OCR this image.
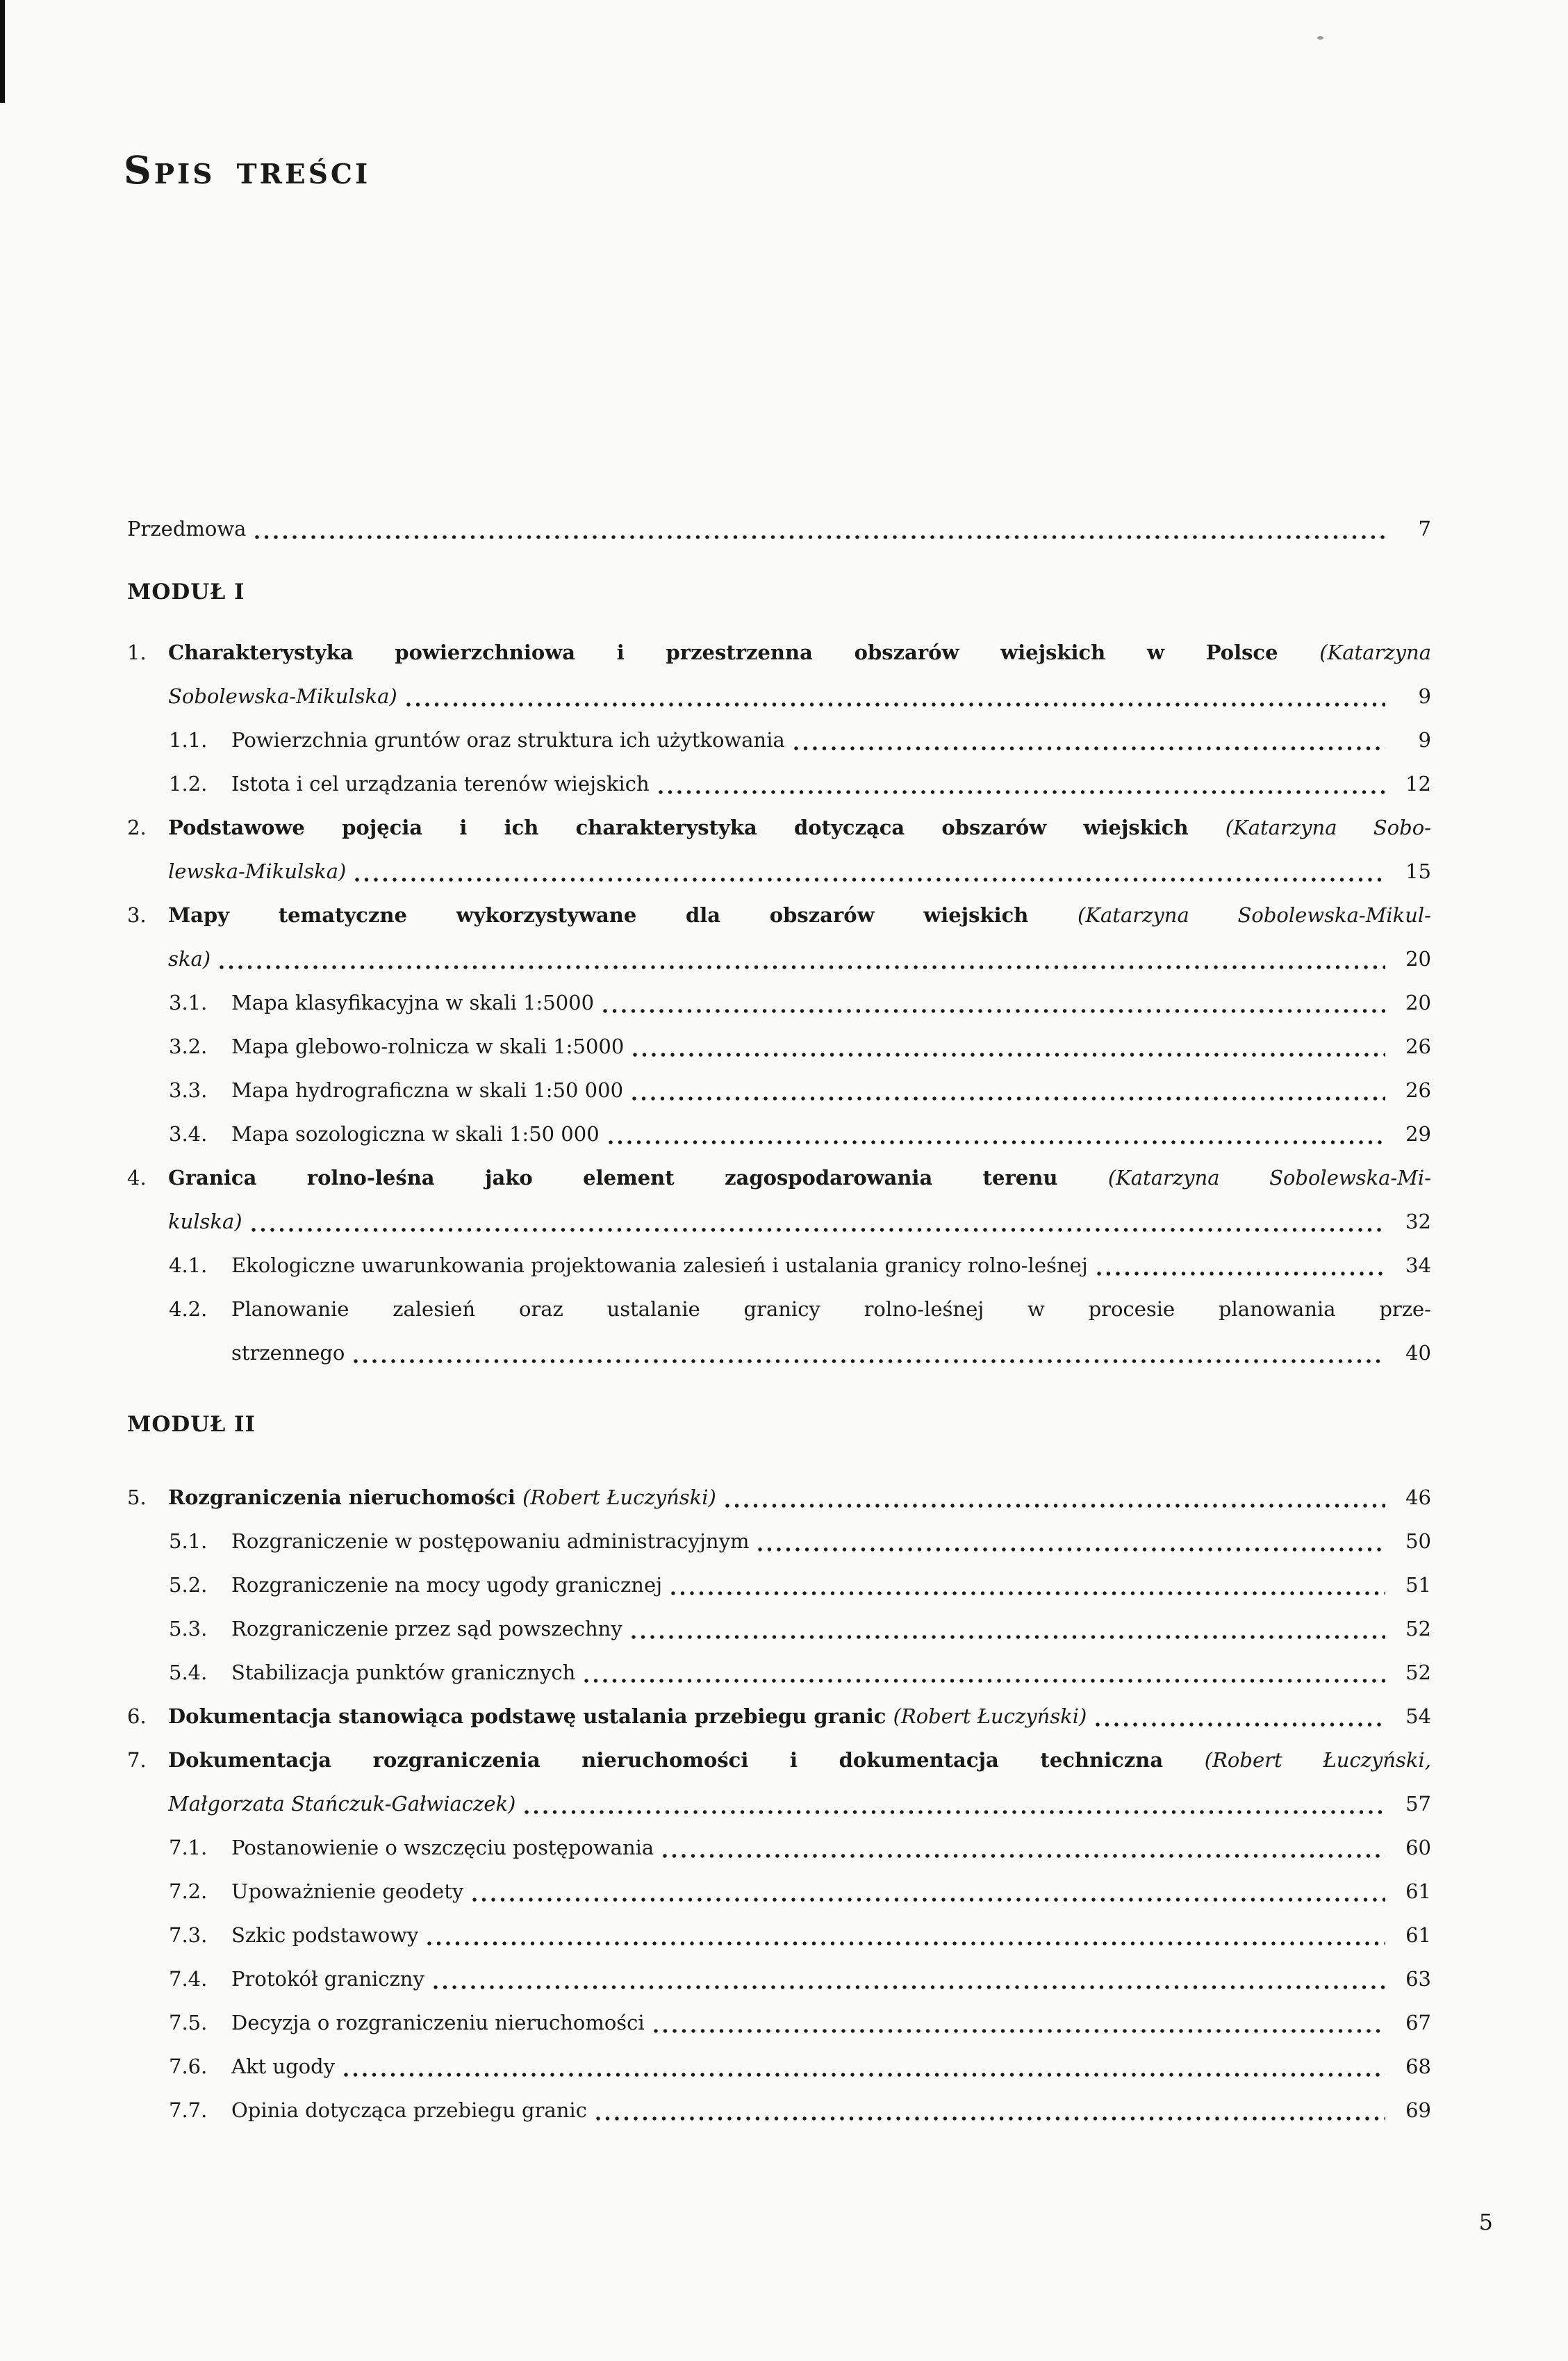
Spis treści
Przedmowa	7
MODUŁ I
1. Charakterystyka powierzchniowa i przestrzenna obszarów wiejskich w Polsce (Katarzyna
Sobolewska-Mikulska)	9
1.1.	Powierzchnia gruntów oraz struktura ich użytkowania	9
1.2.	Istota i cel urządzania terenów wiejskich	12
2. Podstawowe pojęcia i ich charakterystyka dotycząca obszarów wiejskich (Katarzyna Sobo-
lewska-Mikulska)	15
3. Mapy tematyczne wykorzystywane dla obszarów wiejskich (Katarzyna Sobolewska-Mikul-
ska)	20
3.1.	Mapa klasyfikacyjna w skali 1:5000	20
3.2.	Mapa glebowo-rolnicza w skali 1:5000	26
3.3.	Mapa hydrograficzna w skali 1:50 000	26
3.4.	Mapa sozologiczna w skali 1:50 000	29
4. Granica rolno-leśna jako element zagospodarowania terenu (Katarzyna Sobolewska-Mi-
kulska)	32
4.1.	Ekologiczne uwarunkowania projektowania zalesień i ustalania granicy rolno-leśnej	34
4.2. Planowanie zalesień oraz ustalanie granicy rolno-leśnej w procesie planowania prze-
strzennego	40
MODUŁ II
5.	Rozgraniczenia nieruchomości (Robert Łuczyński)	46
5.1.	Rozgraniczenie w postępowaniu administracyjnym	50
5.2.	Rozgraniczenie na mocy ugody granicznej	51
5.3.	Rozgraniczenie przez sąd powszechny	52
5.4.	Stabilizacja punktów granicznych	52
6.	Dokumentacja stanowiąca podstawę ustalania przebiegu granic (Robert Łuczyński)	54
7. Dokumentacja rozgraniczenia nieruchomości i dokumentacja techniczna (Robert Łuczyński,
Małgorzata Stańczuk-Gałwiaczek)	57
7.1.	Postanowienie o wszczęciu postępowania	60
7.2.	Upoważnienie geodety	61
7.3.	Szkic podstawowy	61
7.4.	Protokół graniczny	63
7.5.	Decyzja o rozgraniczeniu nieruchomości	67
7.6.	Akt ugody	68
7.7.	Opinia dotycząca przebiegu granic	69
5
